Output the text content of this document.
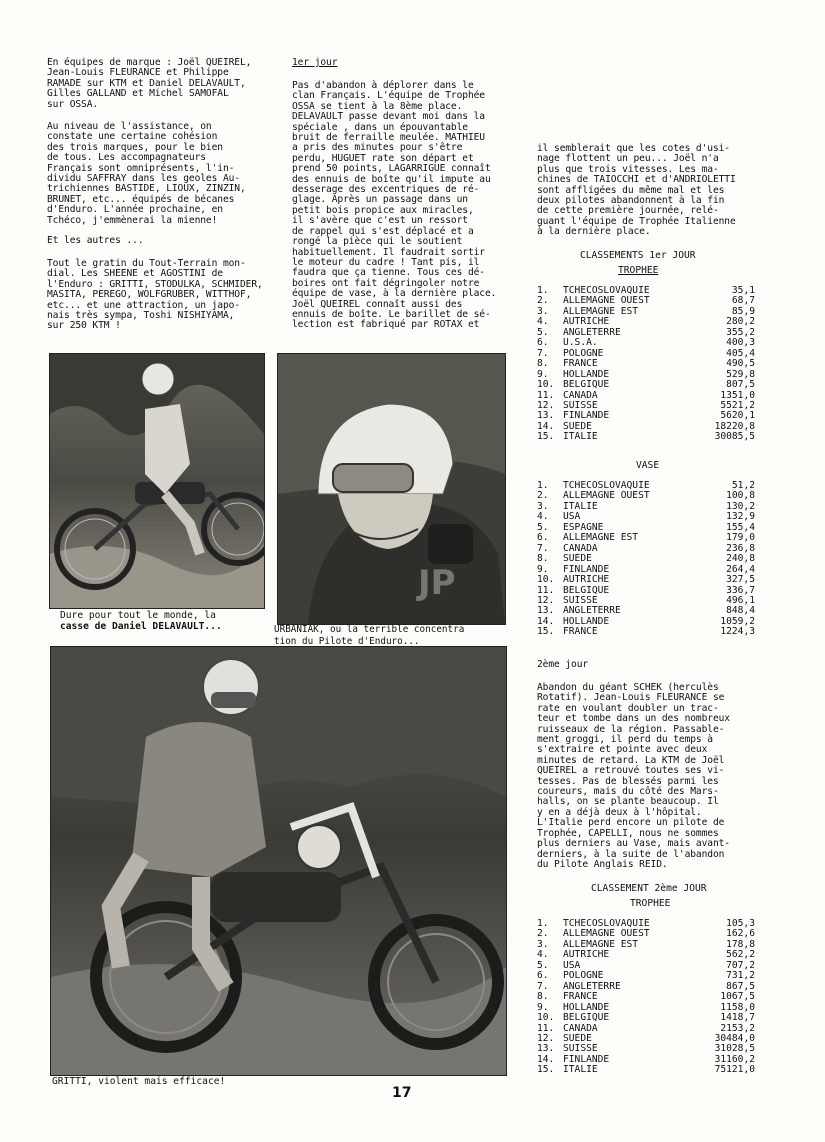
En équipes de marque : Joël QUEIREL,
Jean-Louis FLEURANCE et Philippe
RAMADE sur KTM et Daniel DELAVAULT,
Gilles GALLAND et Michel SAMOFAL
sur OSSA.
Au niveau de l'assistance, on
constate une certaine cohésion
des trois marques, pour le bien
de tous. Les accompagnateurs
Français sont omniprésents, l'in-
dividu SAFFRAY dans les geoles Au-
trichiennes BASTIDE, LIOUX, ZINZIN,
BRUNET, etc... équipés de bécanes
d'Enduro. L'année prochaine, en
Tchéco, j'emmènerai la mienne!
Et les autres ...
Tout le gratin du Tout-Terrain mon-
dial. Les SHEENE et AGOSTINI de
l'Enduro : GRITTI, STODULKA, SCHMIDER,
MASITA, PEREGO, WOLFGRUBER, WITTHOF,
etc... et une attraction, un japo-
nais très sympa, Toshi NISHIYAMA,
sur 250 KTM !
1er jour
Pas d'abandon à déplorer dans le
clan Français. L'équipe de Trophée
OSSA se tient à la 8ème place.
DELAVAULT passe devant moi dans la
spéciale , dans un épouvantable
bruit de ferraille meulée. MATHIEU
a pris des minutes pour s'être
perdu, HUGUET rate son départ et
prend 50 points, LAGARRIGUE connaît
des ennuis de boîte qu'il impute au
desserage des excentriques de ré-
glage. Après un passage dans un
petit bois propice aux miracles,
il s'avère que c'est un ressort
de rappel qui s'est déplacé et a
rongé la pièce qui le soutient
habituellement. Il faudrait sortir
le moteur du cadre ! Tant pis, il
faudra que ça tienne. Tous ces dé-
boires ont fait dégringoler notre
équipe de vase, à la dernière place.
Joël QUEIREL connaît aussi des
ennuis de boîte. Le barillet de sé-
lection est fabriqué par ROTAX et
il semblerait que les cotes d'usi-
nage flottent un peu... Joël n'a
plus que trois vitesses. Les ma-
chines de TAIOCCHI et d'ANDRIOLETTI
sont affligées du même mal et les
deux pilotes abandonnent à la fin
de cette première journée, relé-
guant l'équipe de Trophée Italienne
à la dernière place.
CLASSEMENTS 1er JOUR
TROPHEE
1. TCHECOSLOVAQUIE	35,1
2. ALLEMAGNE OUEST	68,7
3. ALLEMAGNE EST	85,9
4. AUTRICHE	280,2
5. ANGLETERRE	355,2
6. U.S.A.	400,3
7. POLOGNE	405,4
8. FRANCE	490,5
9. HOLLANDE	529,8
10. BELGIQUE	807,5
11. CANADA	1351,0
12. SUISSE	5521,2
13. FINLANDE	5620,1
14. SUEDE	18220,8
15. ITALIE	30085,5
VASE
1. TCHECOSLOVAQUIE	51,2
2. ALLEMAGNE OUEST	100,8
3. ITALIE	130,2
4. USA	132,9
5. ESPAGNE	155,4
6. ALLEMAGNE EST	179,0
7. CANADA	236,8
8. SUEDE	240,8
9. FINLANDE	264,4
10. AUTRICHE	327,5
11. BELGIQUE	336,7
12. SUISSE	496,1
13. ANGLETERRE	848,4
14. HOLLANDE	1059,2
15. FRANCE	1224,3
2ème jour
Abandon du géant SCHEK (herculès
Rotatif). Jean-Louis FLEURANCE se
rate en voulant doubler un trac-
teur et tombe dans un des nombreux
ruisseaux de la région. Passable-
ment groggi, il perd du temps à
s'extraire et pointe avec deux
minutes de retard. La KTM de Joël
QUEIREL a retrouvé toutes ses vi-
tesses. Pas de blessés parmi les
coureurs, mais du côté des Mars-
halls, on se plante beaucoup. Il
y en a déjà deux à l'hôpital.
L'Italie perd encore un pilote de
Trophée, CAPELLI, nous ne sommes
plus derniers au Vase, mais avant-
derniers, à la suite de l'abandon
du Pilote Anglais REID.
CLASSEMENT 2ème JOUR
TROPHEE
1. TCHECOSLOVAQUIE	105,3
2. ALLEMAGNE OUEST	162,6
3. ALLEMAGNE EST	178,8
4. AUTRICHE	562,2
5. USA	707,2
6. POLOGNE	731,2
7. ANGLETERRE	867,5
8. FRANCE	1067,5
9. HOLLANDE	1158,0
10. BELGIQUE	1418,7
11. CANADA	2153,2
12. SUEDE	30484,0
13. SUISSE	31028,5
14. FINLANDE	31160,2
15. ITALIE	75121,0
Dure pour tout le monde, la
casse de Daniel DELAVAULT...
JP
URBANIAK, ou la terrible concentra
tion du Pilote d'Enduro...
GRITTI, violent mais efficace!
17
